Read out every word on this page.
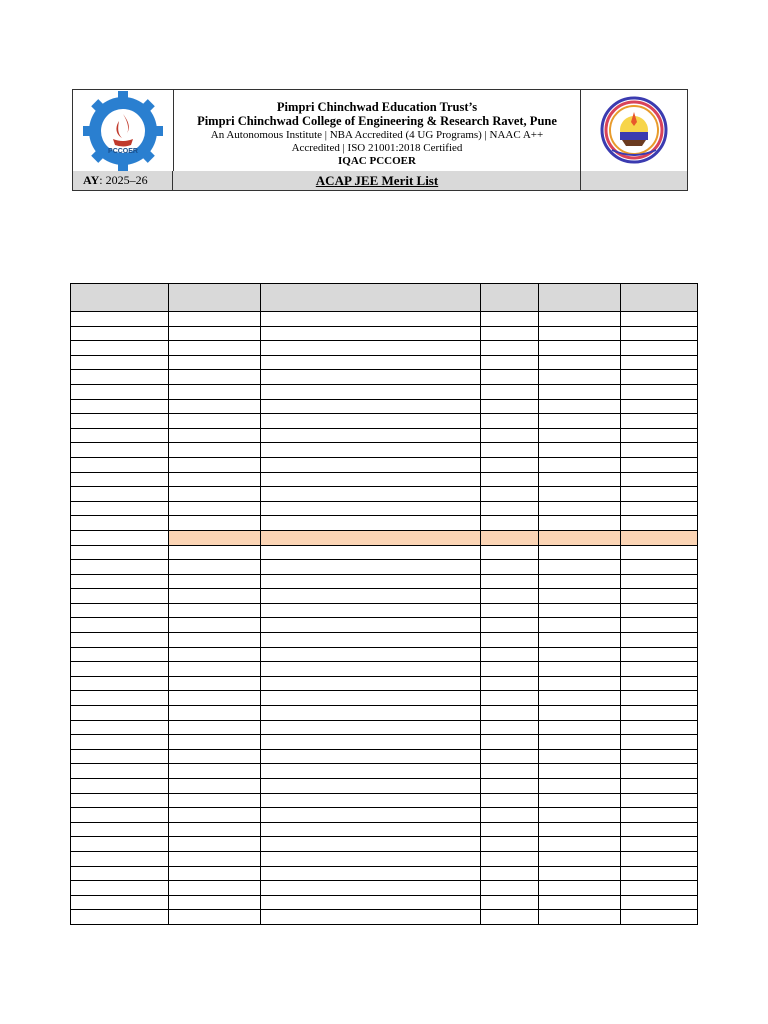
PCCOER
Pimpri Chinchwad Education Trust’s
Pimpri Chinchwad College of Engineering & Research Ravet, Pune
An Autonomous Institute | NBA Accredited (4 UG Programs) | NAAC A++
Accredited | ISO 21001:2018 Certified
IQAC PCCOER
AY: 2025–26	ACAP JEE Merit List
